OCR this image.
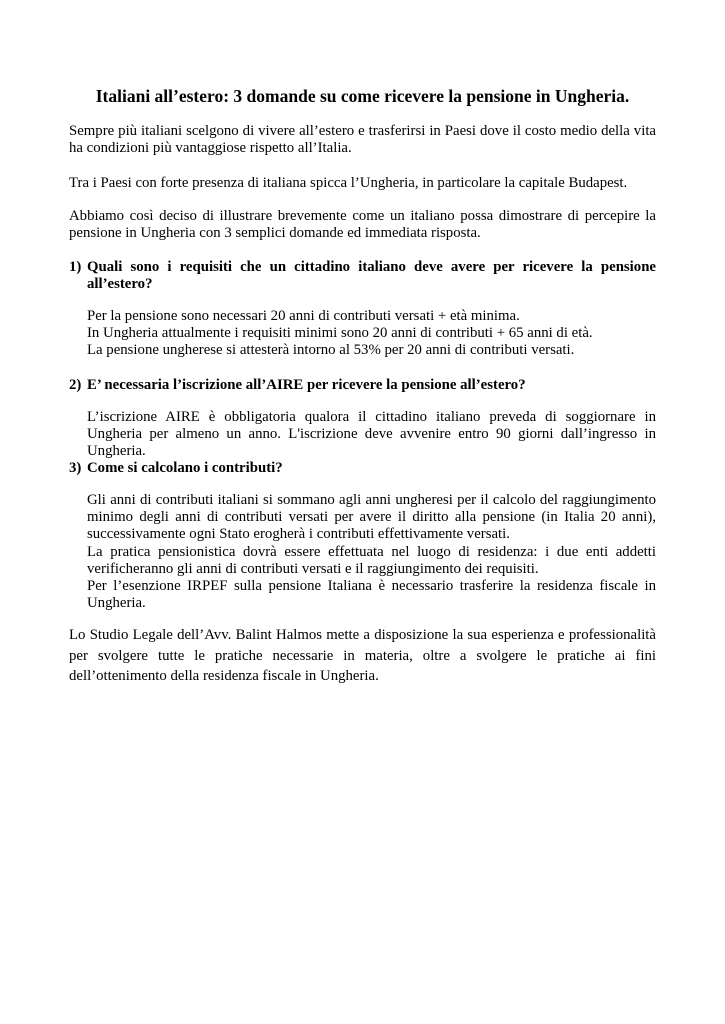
Italiani all’estero: 3 domande su come ricevere la pensione in Ungheria.

Sempre più italiani scelgono di vivere all’estero e trasferirsi in Paesi dove il costo medio della vita ha condizioni più vantaggiose rispetto all’Italia.

Tra i Paesi con forte presenza di italiana spicca l’Ungheria, in particolare la capitale Budapest.

Abbiamo così deciso di illustrare brevemente come un italiano possa dimostrare di percepire la pensione in Ungheria con 3 semplici domande ed immediata risposta.

1) Quali sono i requisiti che un cittadino italiano deve avere per ricevere la pensione all’estero?
Per la pensione sono necessari 20 anni di contributi versati + età minima.
In Ungheria attualmente i requisiti minimi sono 20 anni di contributi + 65 anni di età.
La pensione ungherese si attesterà intorno al 53% per 20 anni di contributi versati.
2) E’ necessaria l’iscrizione all’AIRE per ricevere la pensione all’estero?
L’iscrizione AIRE è obbligatoria qualora il cittadino italiano preveda di soggiornare in Ungheria per almeno un anno. L'iscrizione deve avvenire entro 90 giorni dall’ingresso in Ungheria.
3) Come si calcolano i contributi?
Gli anni di contributi italiani si sommano agli anni ungheresi per il calcolo del raggiungimento minimo degli anni di contributi versati per avere il diritto alla pensione (in Italia 20 anni), successivamente ogni Stato erogherà i contributi effettivamente versati.
La pratica pensionistica dovrà essere effettuata nel luogo di residenza: i due enti addetti verificheranno gli anni di contributi versati e il raggiungimento dei requisiti.
Per l’esenzione IRPEF sulla pensione Italiana è necessario trasferire la residenza fiscale in Ungheria.

Lo Studio Legale dell’Avv. Balint Halmos mette a disposizione la sua esperienza e professionalità per svolgere tutte le pratiche necessarie in materia, oltre a svolgere le pratiche ai fini dell’ottenimento della residenza fiscale in Ungheria.
